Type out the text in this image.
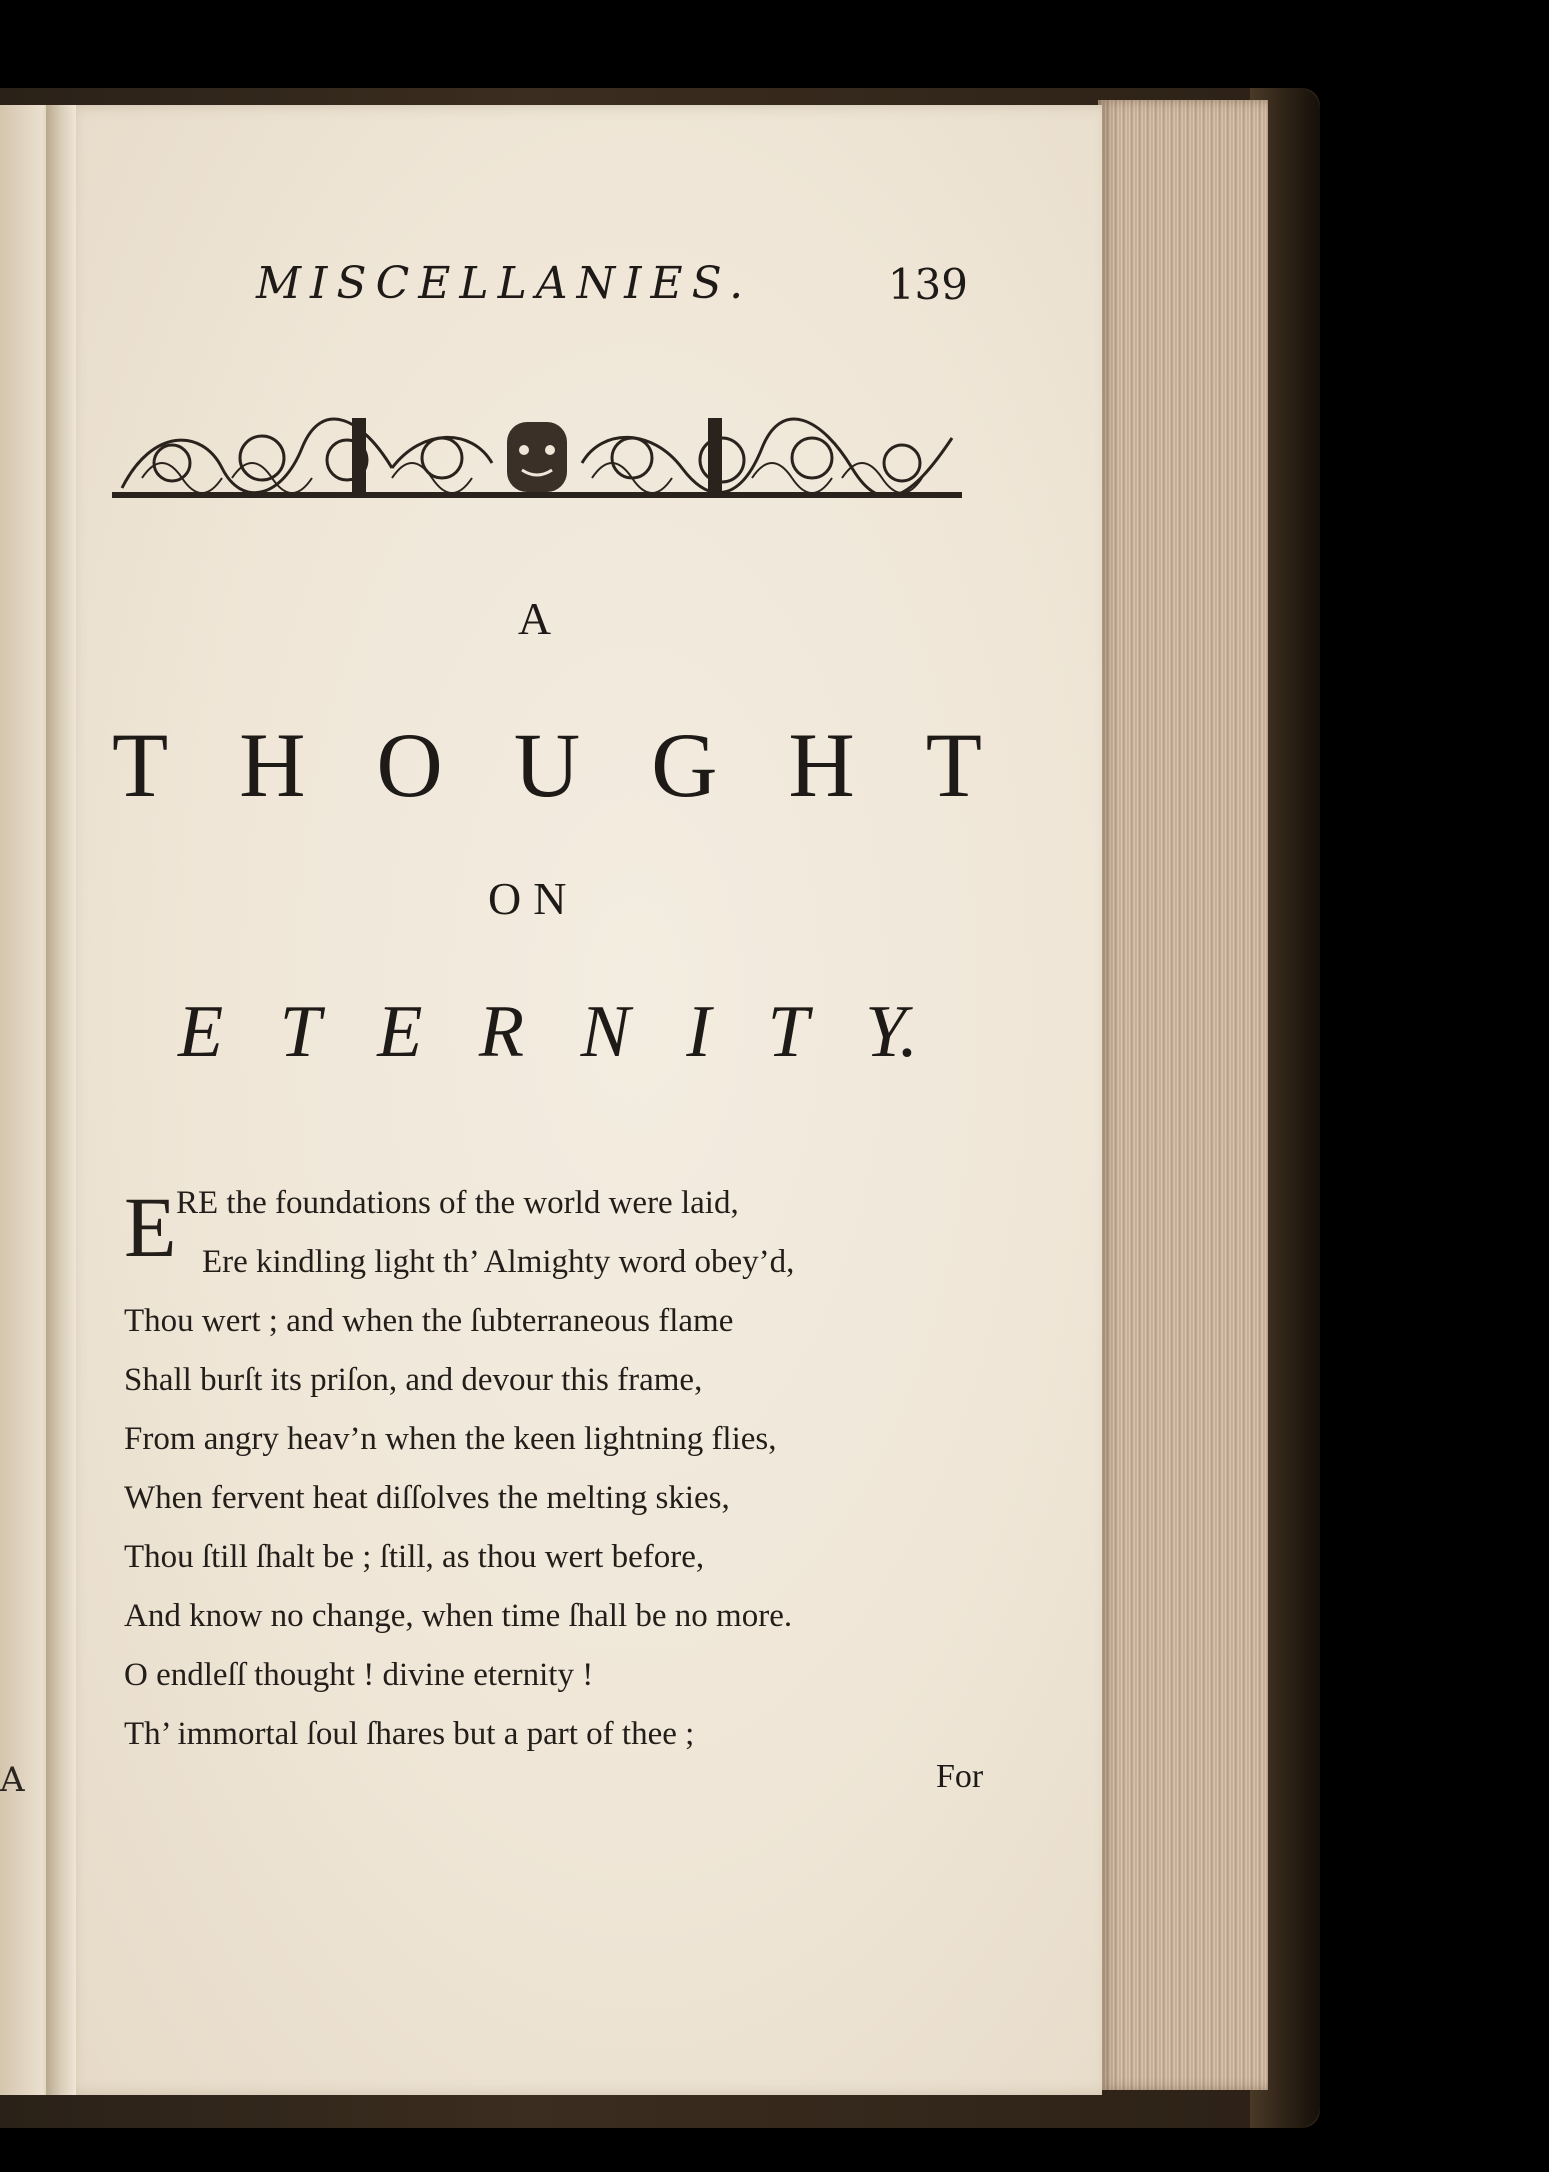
A
MISCELLANIES.	139
A
T H O U G H T
ON
E T E R N I T Y.
E RE the foundations of the world were laid,
Ere kindling light th’ Almighty word obey’d,
Thou wert ; and when the ſubterraneous flame
Shall burſt its priſon, and devour this frame,
From angry heav’n when the keen lightning flies,
When fervent heat diſſolves the melting skies,
Thou ſtill ſhalt be ; ſtill, as thou wert before,
And know no change, when time ſhall be no more.
O endleſſ thought ! divine eternity !
Th’ immortal ſoul ſhares but a part of thee ;
For
